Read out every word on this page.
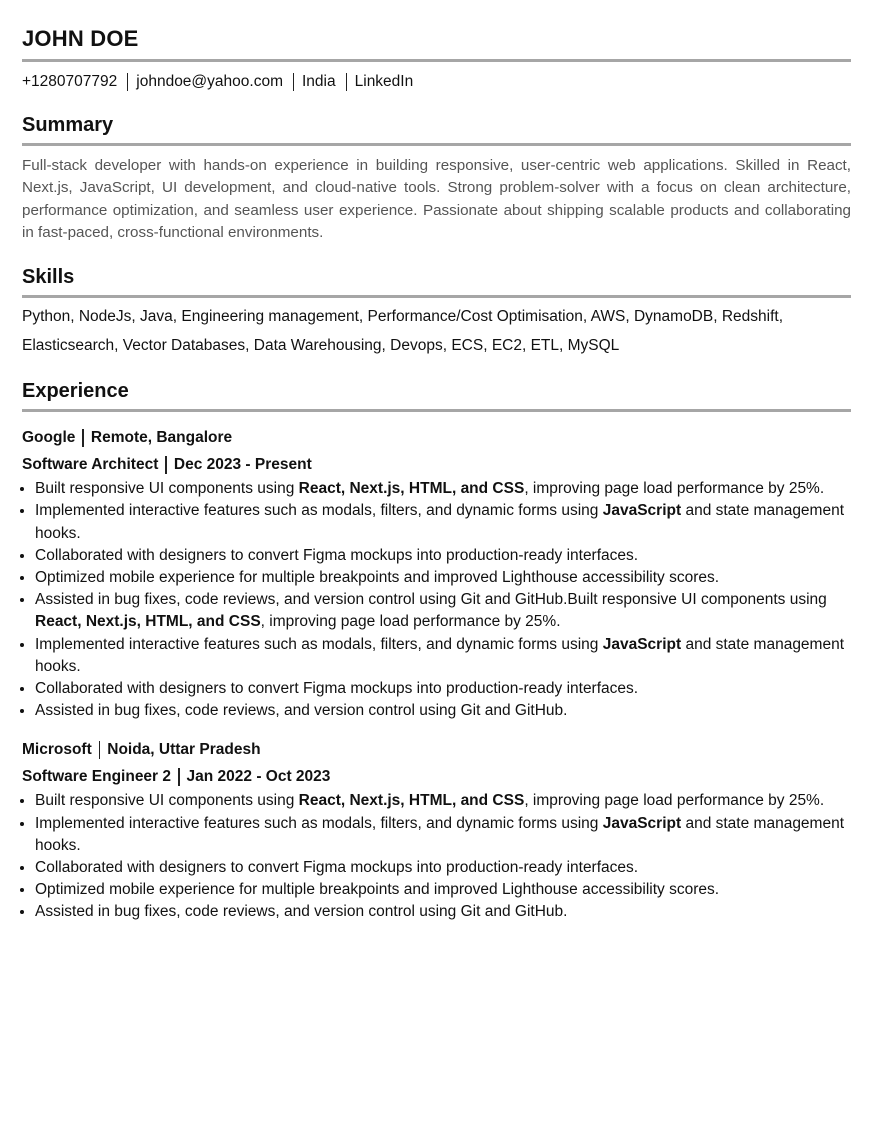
JOHN DOE
+1280707792 johndoe@yahoo.com India LinkedIn
Summary
Full-stack developer with hands-on experience in building responsive, user-centric web applications. Skilled in React, Next.js, JavaScript, UI development, and cloud-native tools. Strong problem-solver with a focus on clean architecture, performance optimization, and seamless user experience. Passionate about shipping scalable products and collaborating in fast-paced, cross-functional environments.
Skills
Python, NodeJs, Java, Engineering management, Performance/Cost Optimisation, AWS, DynamoDB, Redshift, Elasticsearch, Vector Databases, Data Warehousing, Devops, ECS, EC2, ETL, MySQL
Experience
Google Remote, Bangalore
Software Architect Dec 2023 - Present
• Built responsive UI components using React, Next.js, HTML, and CSS, improving page load performance by 25%.
• Implemented interactive features such as modals, filters, and dynamic forms using JavaScript and state management hooks.
• Collaborated with designers to convert Figma mockups into production-ready interfaces.
• Optimized mobile experience for multiple breakpoints and improved Lighthouse accessibility scores.
• Assisted in bug fixes, code reviews, and version control using Git and GitHub.Built responsive UI components using React, Next.js, HTML, and CSS, improving page load performance by 25%.
• Implemented interactive features such as modals, filters, and dynamic forms using JavaScript and state management hooks.
• Collaborated with designers to convert Figma mockups into production-ready interfaces.
• Assisted in bug fixes, code reviews, and version control using Git and GitHub.
Microsoft Noida, Uttar Pradesh
Software Engineer 2 Jan 2022 - Oct 2023
• Built responsive UI components using React, Next.js, HTML, and CSS, improving page load performance by 25%.
• Implemented interactive features such as modals, filters, and dynamic forms using JavaScript and state management hooks.
• Collaborated with designers to convert Figma mockups into production-ready interfaces.
• Optimized mobile experience for multiple breakpoints and improved Lighthouse accessibility scores.
• Assisted in bug fixes, code reviews, and version control using Git and GitHub.
